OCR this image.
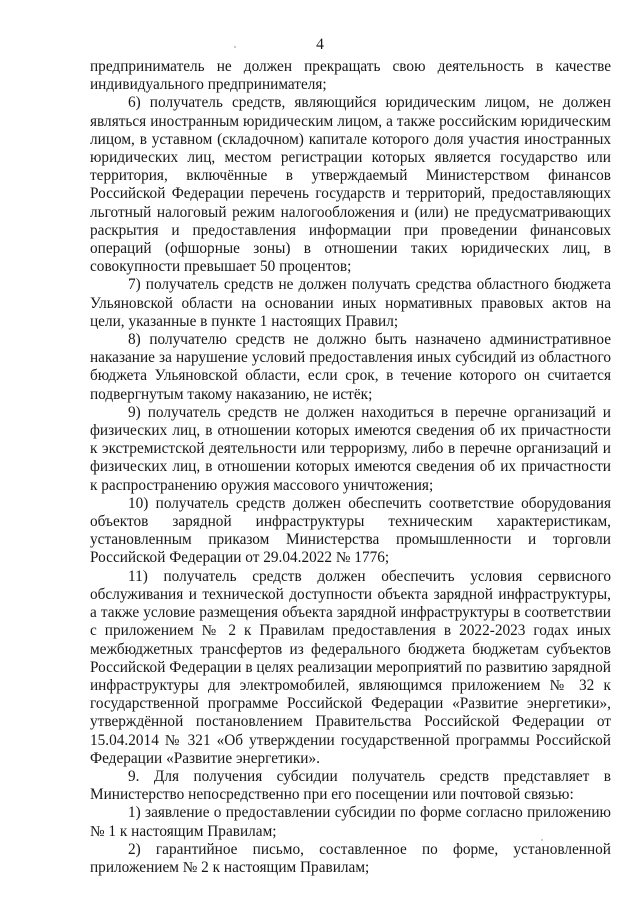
4

предприниматель не должен прекращать свою деятельность в качестве индивидуального предпринимателя;

6) получатель средств, являющийся юридическим лицом, не должен являться иностранным юридическим лицом, а также российским юридическим лицом, в уставном (складочном) капитале которого доля участия иностранных юридических лиц, местом регистрации которых является государство или территория, включённые в утверждаемый Министерством финансов Российской Федерации перечень государств и территорий, предоставляющих льготный налоговый режим налогообложения и (или) не предусматривающих раскрытия и предоставления информации при проведении финансовых операций (офшорные зоны) в отношении таких юридических лиц, в совокупности превышает 50 процентов;

7) получатель средств не должен получать средства областного бюджета Ульяновской области на основании иных нормативных правовых актов на цели, указанные в пункте 1 настоящих Правил;

8) получателю средств не должно быть назначено административное наказание за нарушение условий предоставления иных субсидий из областного бюджета Ульяновской области, если срок, в течение которого он считается подвергнутым такому наказанию, не истёк;

9) получатель средств не должен находиться в перечне организаций и физических лиц, в отношении которых имеются сведения об их причастности к экстремистской деятельности или терроризму, либо в перечне организаций и физических лиц, в отношении которых имеются сведения об их причастности к распространению оружия массового уничтожения;

10) получатель средств должен обеспечить соответствие оборудования объектов зарядной инфраструктуры техническим характеристикам, установленным приказом Министерства промышленности и торговли Российской Федерации от 29.04.2022 № 1776;

11) получатель средств должен обеспечить условия сервисного обслуживания и технической доступности объекта зарядной инфраструктуры, а также условие размещения объекта зарядной инфраструктуры в соответствии с приложением № 2 к Правилам предоставления в 2022-2023 годах иных межбюджетных трансфертов из федерального бюджета бюджетам субъектов Российской Федерации в целях реализации мероприятий по развитию зарядной инфраструктуры для электромобилей, являющимся приложением № 32 к государственной программе Российской Федерации «Развитие энергетики», утверждённой постановлением Правительства Российской Федерации от 15.04.2014 № 321 «Об утверждении государственной программы Российской Федерации «Развитие энергетики».

9. Для получения субсидии получатель средств представляет в Министерство непосредственно при его посещении или почтовой связью:

1) заявление о предоставлении субсидии по форме согласно приложению № 1 к настоящим Правилам;

2) гарантийное письмо, составленное по форме, установленной приложением № 2 к настоящим Правилам;
